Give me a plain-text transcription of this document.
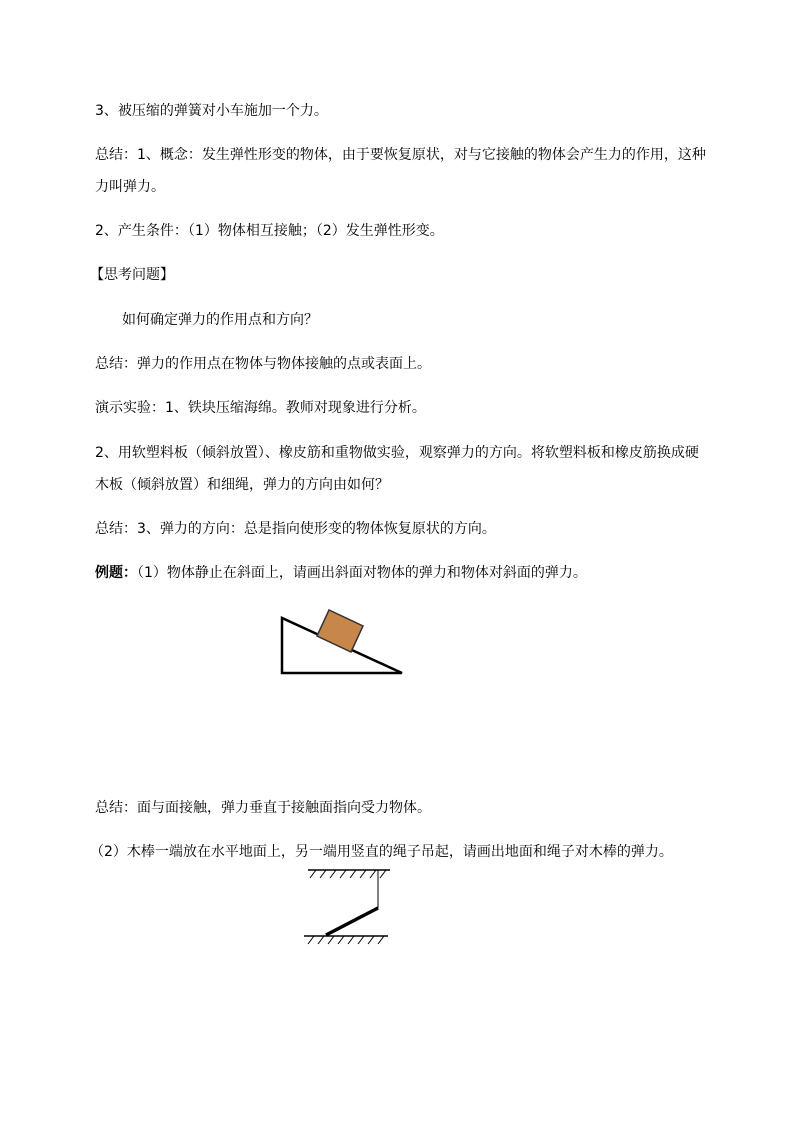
3、被压缩的弹簧对小车施加一个力。
总结：1、概念：发生弹性形变的物体，由于要恢复原状，对与它接触的物体会产生力的作用，这种
力叫弹力。
2、产生条件：（1）物体相互接触；（2）发生弹性形变。
【思考问题】
如何确定弹力的作用点和方向？
总结：弹力的作用点在物体与物体接触的点或表面上。
演示实验：1、铁块压缩海绵。教师对现象进行分析。
2、用软塑料板（倾斜放置）、橡皮筋和重物做实验，观察弹力的方向。将软塑料板和橡皮筋换成硬
木板（倾斜放置）和细绳，弹力的方向由如何？
总结：3、弹力的方向：总是指向使形变的物体恢复原状的方向。
例题：（1）物体静止在斜面上，请画出斜面对物体的弹力和物体对斜面的弹力。
总结：面与面接触，弹力垂直于接触面指向受力物体。
（2）木棒一端放在水平地面上，另一端用竖直的绳子吊起，请画出地面和绳子对木棒的弹力。
